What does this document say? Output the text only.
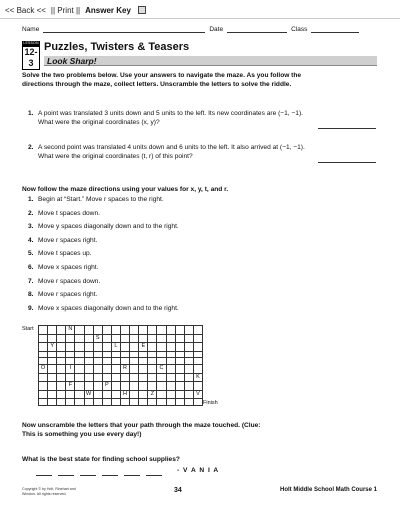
<< Back << || Print || Answer Key
Name	Date	Class
LESSON
12-3
Puzzles, Twisters & Teasers
Look Sharp!
Solve the two problems below. Use your answers to navigate the maze. As you follow the directions through the maze, collect letters. Unscramble the letters to solve the riddle.
1. A point was translated 3 units down and 5 units to the left. Its new coordinates are (−1, −1). What were the original coordinates (x, y)?
2. A second point was translated 4 units down and 6 units to the left. It also arrived at (−1, −1). What were the original coordinates (t, r) of this point?
Now follow the maze directions using your values for x, y, t, and r.
1. Begin at “Start.” Move r spaces to the right.
2. Move t spaces down.
3. Move y spaces diagonally down and to the right.
4. Move r spaces right.
5. Move t spaces up.
6. Move x spaces right.
7. Move r spaces down.
8. Move r spaces right.
9. Move x spaces diagonally down and to the right.
Start	N
S
Y	L	E
O	I	R	C
K
F	P
W	H	Z	V
Finish
Now unscramble the letters that your path through the maze touched. (Clue: This is something you use every day!)
What is the best state for finding school supplies?
- V A N I A
Copyright © by Holt, Rinehart and Winston. All rights reserved.	34	Holt Middle School Math Course 1
